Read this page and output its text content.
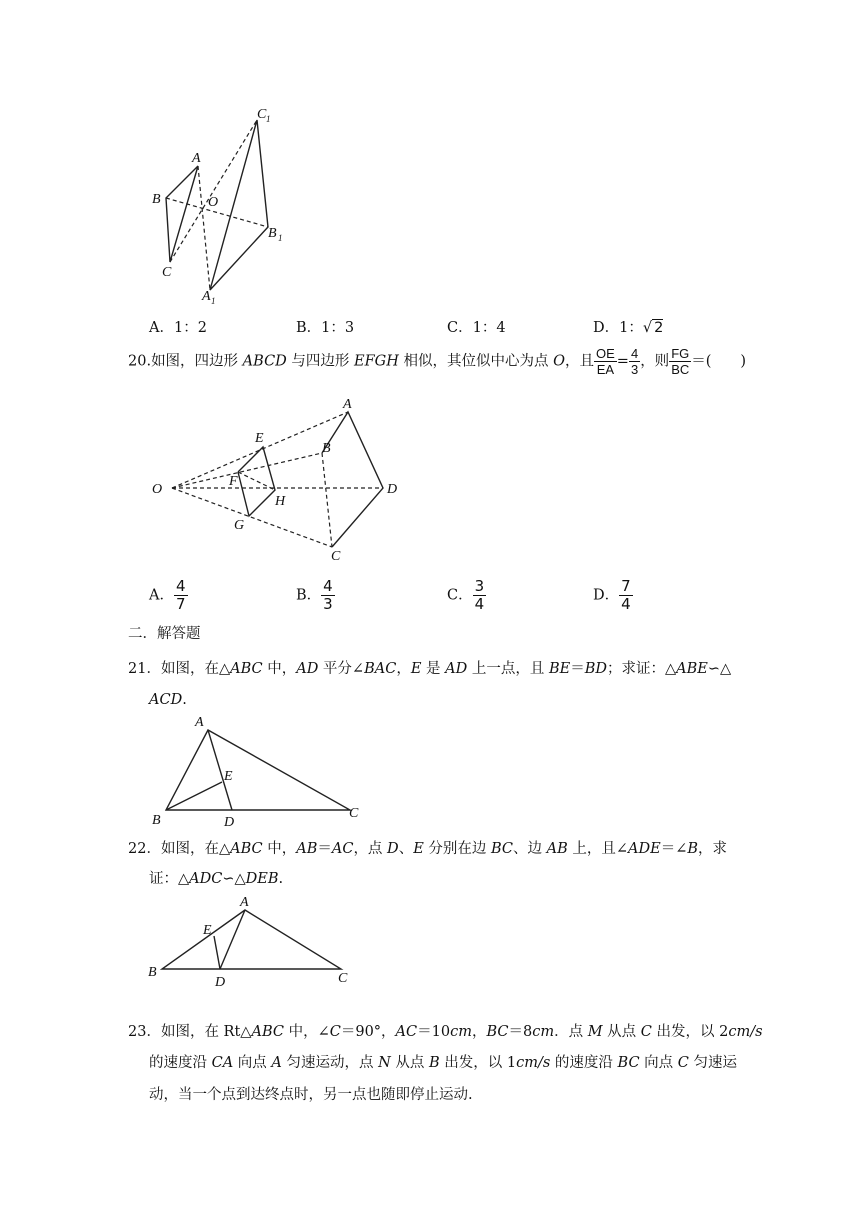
A
B
C
O
C 1
B 1
A 1
A．1：2	B．1：3	C．1：4	D．1：√ 2
20.如图，四边形 ABCD 与四边形 EFGH 相似，其位似中心为点 O，且 $\frac{OE}{EA} = \frac{4}{3}$ ，则 $\frac{FG}{BC}$ ＝(　　)
O
A
B
C
D
E
F
G
H
A． $\frac{4}{7}$	B． $\frac{4}{3}$	C． $\frac{3}{4}$	D． $\frac{7}{4}$
二．解答题
21．如图，在△ABC 中，AD 平分∠BAC，E 是 AD 上一点，且 BE＝BD；求证：△ABE∽△
ACD.
A
B	C
D
E
22．如图，在△ABC 中，AB＝AC，点 D、E 分别在边 BC、边 AB 上，且∠ADE＝∠B，求
证：△ADC∽△DEB.
A
B	C
D
E
23．如图，在 Rt△ABC 中，∠C＝90°，AC＝10cm，BC＝8cm．点 M 从点 C 出发，以 2cm/s
的速度沿 CA 向点 A 匀速运动，点 N 从点 B 出发，以 1cm/s 的速度沿 BC 向点 C 匀速运
动，当一个点到达终点时，另一点也随即停止运动.
